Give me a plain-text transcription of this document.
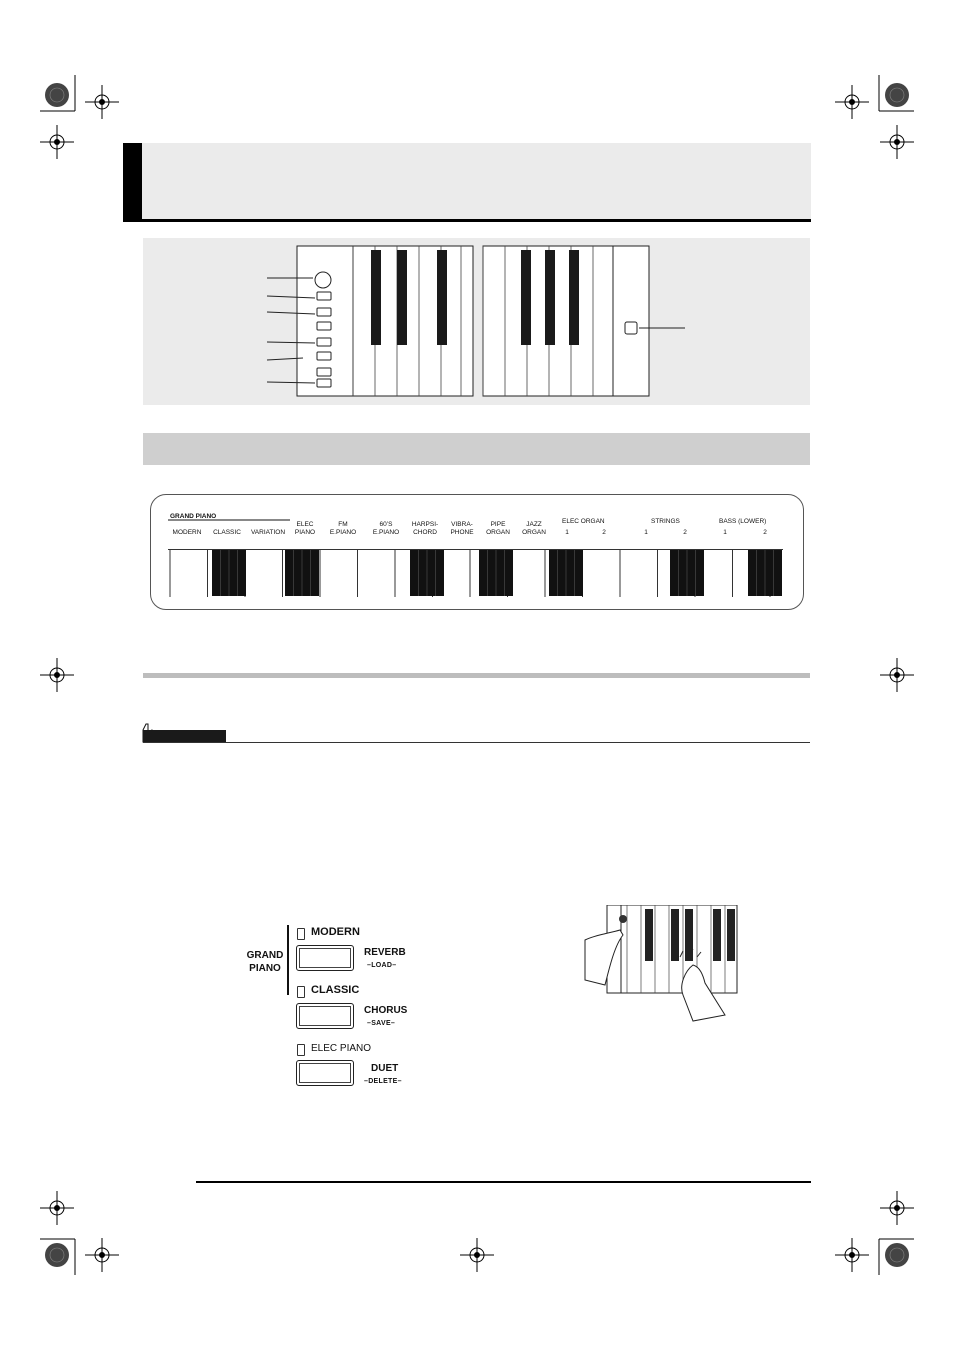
GRAND PIANO
ELEC ORGAN	STRINGS	BASS (LOWER)
MODERN	CLASSIC	VARIATION
ELEC
PIANO
FM
E.PIANO
60’S
E.PIANO
HARPSI-
CHORD
VIBRA-
PHONE
PIPE
ORGAN
JAZZ
ORGAN	1	2	1	2	1	2
GRAND
PIANO
MODERN
REVERB
–LOAD–
CLASSIC
CHORUS
–SAVE–
ELEC PIANO
DUET
–DELETE–
